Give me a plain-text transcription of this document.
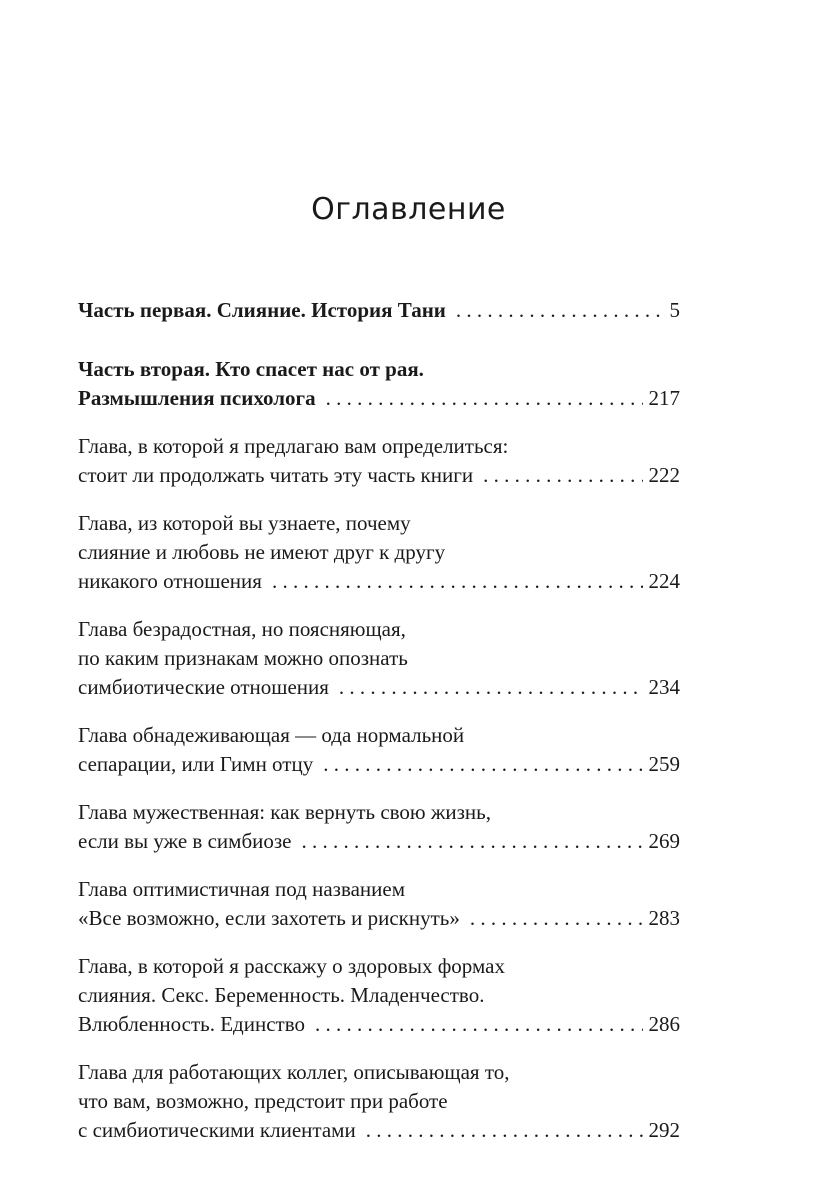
Оглавление
Часть первая. Слияние. История Тани . . .	5
Часть вторая. Кто спасет нас от рая.
Размышления психолога . . .	217
Глава, в которой я предлагаю вам определиться:
стоит ли продолжать читать эту часть книги . . .	222
Глава, из которой вы узнаете, почему
слияние и любовь не имеют друг к другу
никакого отношения . . .	224
Глава безрадостная, но поясняющая,
по каким признакам можно опознать
симбиотические отношения . . .	234
Глава обнадеживающая — ода нормальной
сепарации, или Гимн отцу . . .	259
Глава мужественная: как вернуть свою жизнь,
если вы уже в симбиозе . . .	269
Глава оптимистичная под названием
«Все возможно, если захотеть и рискнуть» . . .	283
Глава, в которой я расскажу о здоровых формах
слияния. Секс. Беременность. Младенчество.
Влюбленность. Единство . . .	286
Глава для работающих коллег, описывающая то,
что вам, возможно, предстоит при работе
с симбиотическими клиентами . . .	292
